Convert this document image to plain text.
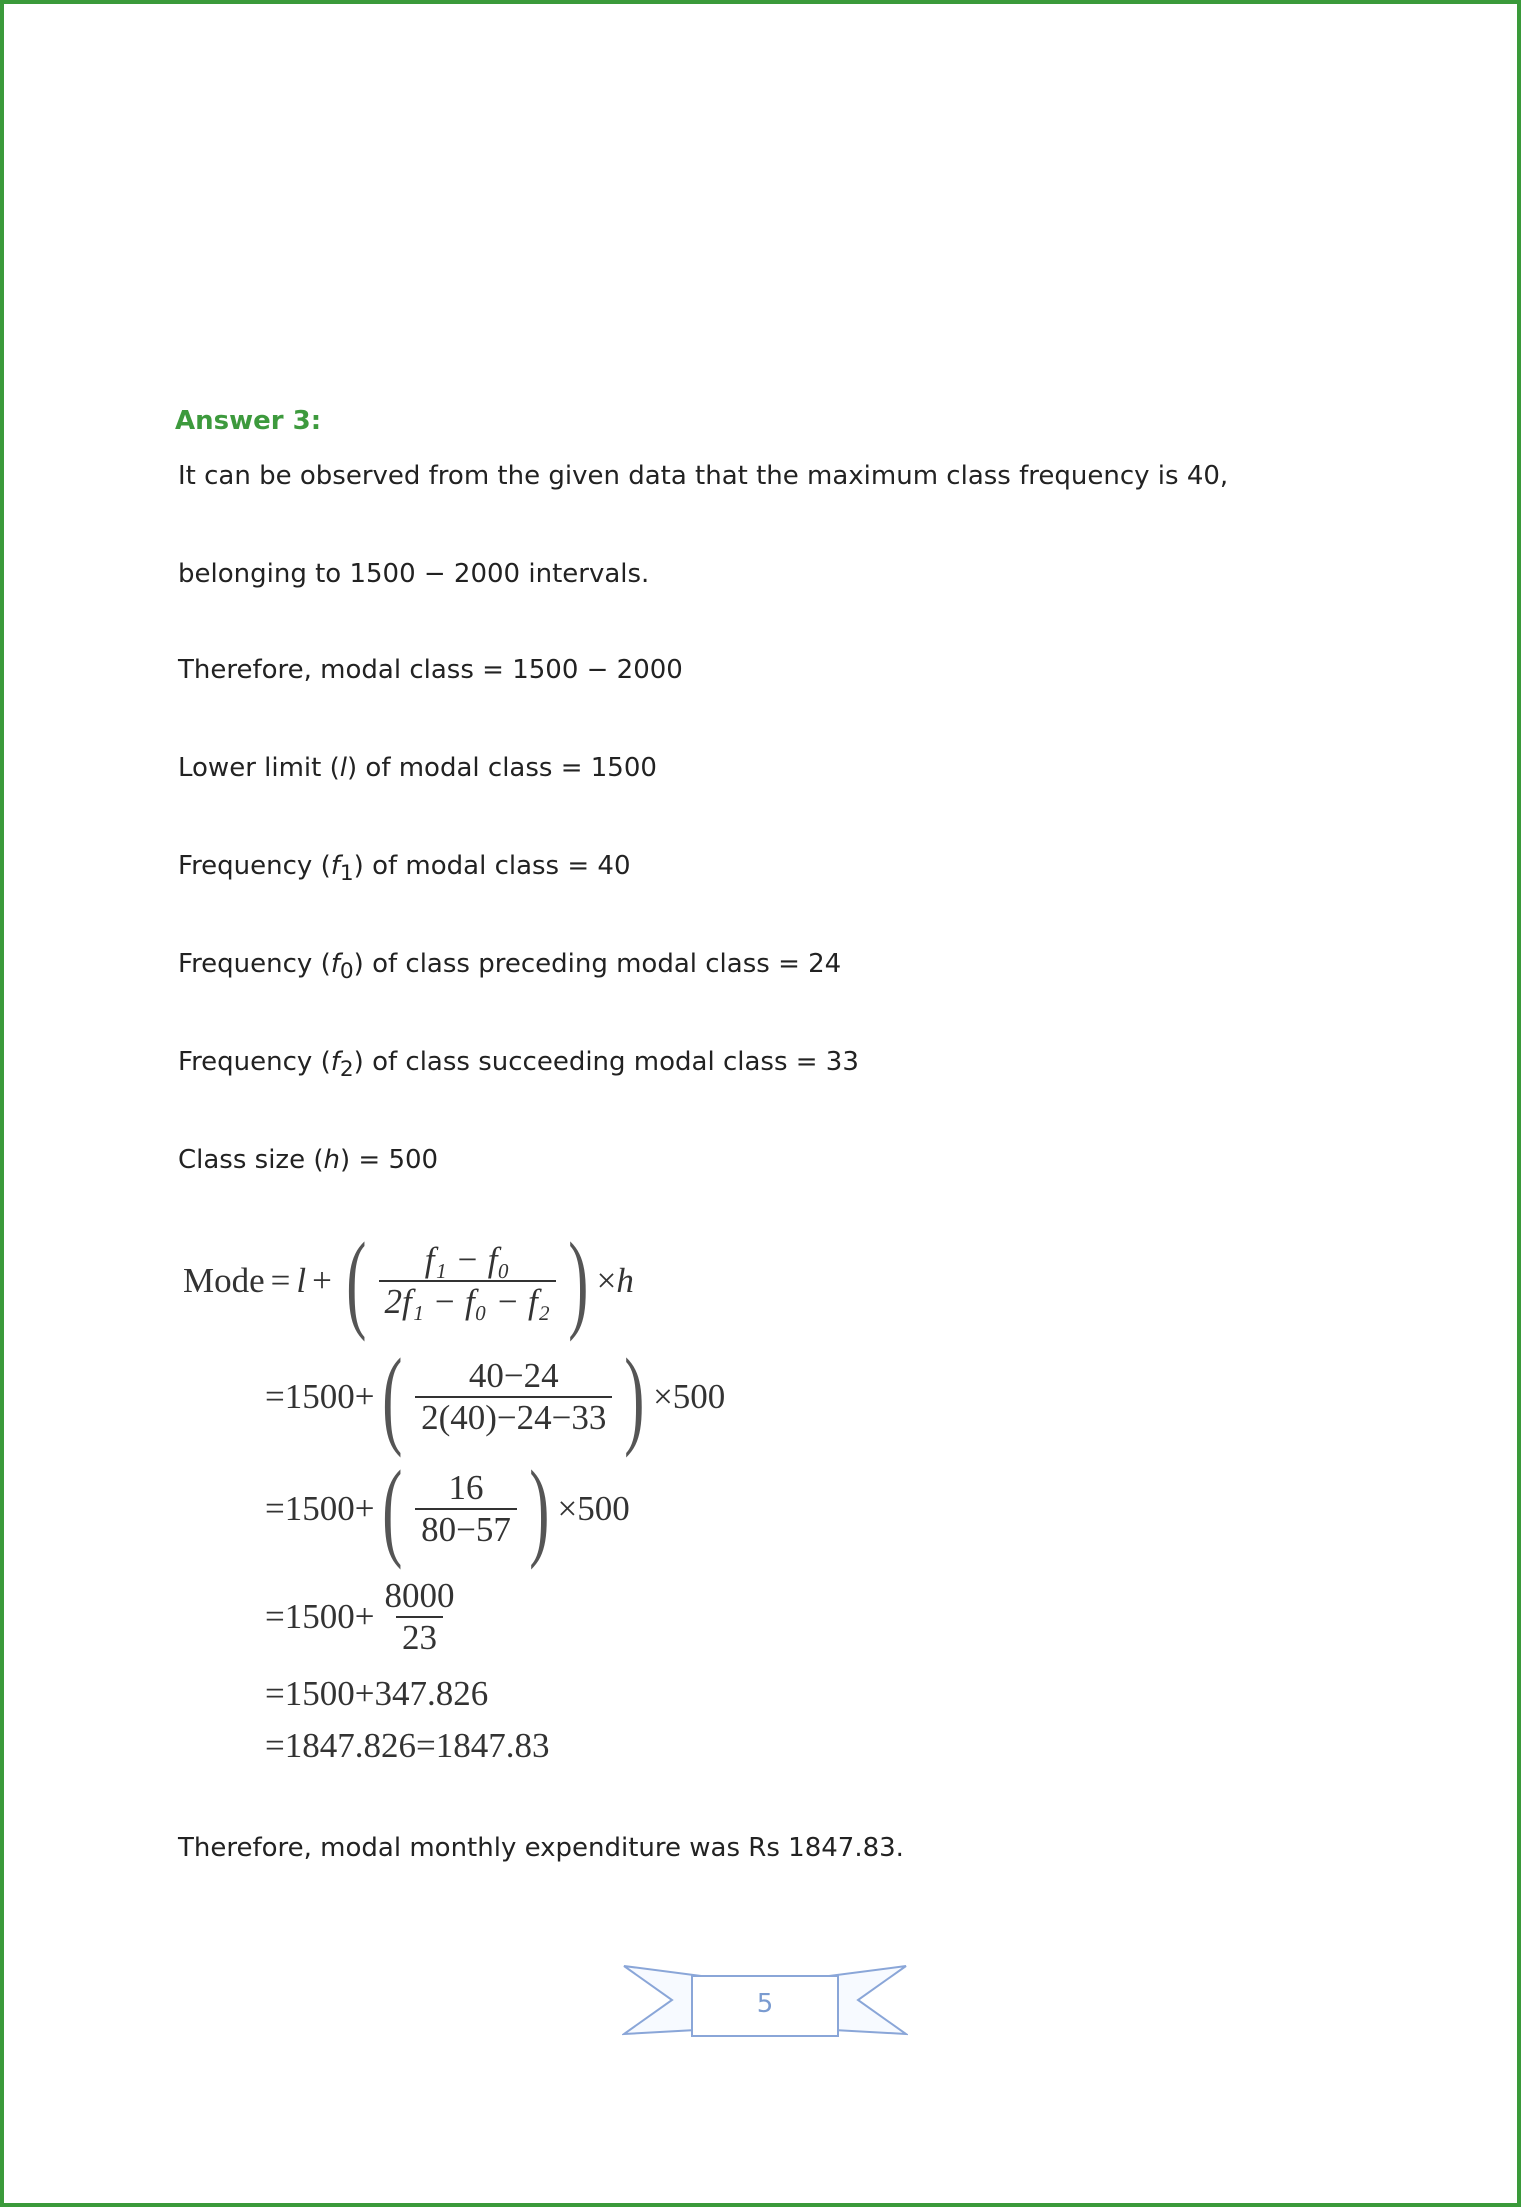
Answer 3:

It can be observed from the given data that the maximum class frequency is 40,

belonging to 1500 − 2000 intervals.

Therefore, modal class = 1500 − 2000

Lower limit (l) of modal class = 1500

Frequency $(f_1)$ of modal class = 40

Frequency $(f_0)$ of class preceding modal class = 24

Frequency $(f_2)$ of class succeeding modal class = 33

Class size (h) = 500

Mode = l + ( $\frac{\text{f₁ − f₀}}{\text{2f₁ − f₀ − f₂}}$ ) × h
=1500+ ( $\frac{40-24}{2(40)-24-33}$ ) ×500
=1500+ ( $\frac{16}{80-57}$ ) ×500
$=1500+ \frac{8000}{23}$
=1500+347.826
=1847.826=1847.83

Therefore, modal monthly expenditure was Rs 1847.83.

5
